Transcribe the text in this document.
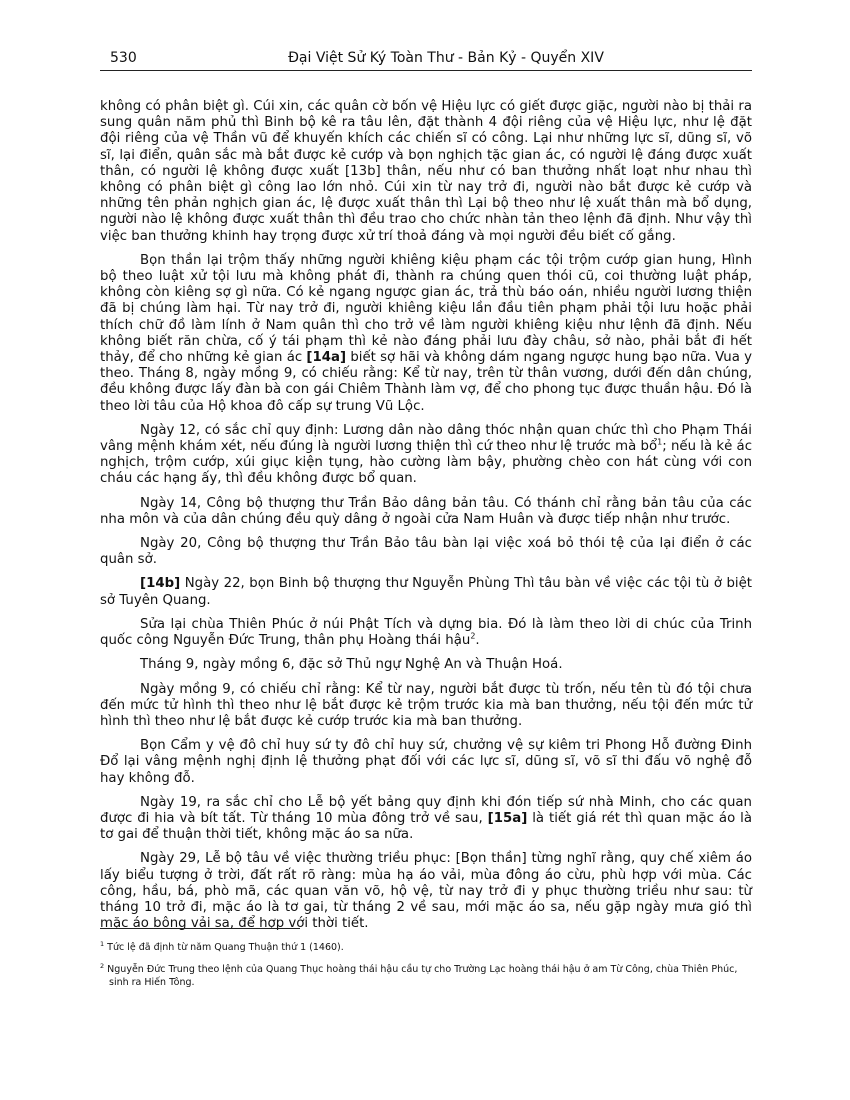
530	Đại Việt Sử Ký Toàn Thư - Bản Kỷ - Quyển XIV

không có phân biệt gì. Cúi xin, các quân cờ bốn vệ Hiệu lực có giết được giặc, người nào bị thải ra sung quân năm phủ thì Binh bộ kê ra tâu lên, đặt thành 4 đội riêng của vệ Hiệu lực, như lệ đặt đội riêng của vệ Thần vũ để khuyến khích các chiến sĩ có công. Lại như những lực sĩ, dũng sĩ, võ sĩ, lại điển, quân sắc mà bắt được kẻ cướp và bọn nghịch tặc gian ác, có người lệ đáng được xuất thân, có người lệ không được xuất [13b] thân, nếu như có ban thưởng nhất loạt như nhau thì không có phân biệt gì công lao lớn nhỏ. Cúi xin từ nay trở đi, người nào bắt được kẻ cướp và những tên phản nghịch gian ác, lệ được xuất thân thì Lại bộ theo như lệ xuất thân mà bổ dụng, người nào lệ không được xuất thân thì đều trao cho chức nhàn tản theo lệnh đã định. Như vậy thì việc ban thưởng khinh hay trọng được xử trí thoả đáng và mọi người đều biết cố gắng.

Bọn thần lại trộm thấy những người khiêng kiệu phạm các tội trộm cướp gian hung, Hình bộ theo luật xử tội lưu mà không phát đi, thành ra chúng quen thói cũ, coi thường luật pháp, không còn kiêng sợ gì nữa. Có kẻ ngang ngược gian ác, trả thù báo oán, nhiều người lương thiện đã bị chúng làm hại. Từ nay trở đi, người khiêng kiệu lần đầu tiên phạm phải tội lưu hoặc phải thích chữ đồ làm lính ở Nam quân thì cho trở về làm người khiêng kiệu như lệnh đã định. Nếu không biết răn chừa, cố ý tái phạm thì kẻ nào đáng phải lưu đày châu, sở nào, phải bắt đi hết thảy, để cho những kẻ gian ác [14a] biết sợ hãi và không dám ngang ngược hung bạo nữa. Vua y theo. Tháng 8, ngày mồng 9, có chiếu rằng: Kể từ nay, trên từ thân vương, dưới đến dân chúng, đều không được lấy đàn bà con gái Chiêm Thành làm vợ, để cho phong tục được thuần hậu. Đó là theo lời tâu của Hộ khoa đô cấp sự trung Vũ Lộc.

Ngày 12, có sắc chỉ quy định: Lương dân nào dâng thóc nhận quan chức thì cho Phạm Thái vâng mệnh khám xét, nếu đúng là người lương thiện thì cứ theo như lệ trước mà bổ$^1$; nếu là kẻ ác nghịch, trộm cướp, xúi giục kiện tụng, hào cường làm bậy, phường chèo con hát cùng với con cháu các hạng ấy, thì đều không được bổ quan.

Ngày 14, Công bộ thượng thư Trần Bảo dâng bản tâu. Có thánh chỉ rằng bản tâu của các nha môn và của dân chúng đều quỳ dâng ở ngoài cửa Nam Huân và được tiếp nhận như trước.

Ngày 20, Công bộ thượng thư Trần Bảo tâu bàn lại việc xoá bỏ thói tệ của lại điển ở các quân sở.

[14b] Ngày 22, bọn Binh bộ thượng thư Nguyễn Phùng Thì tâu bàn về việc các tội tù ở biệt sở Tuyên Quang.

Sửa lại chùa Thiên Phúc ở núi Phật Tích và dựng bia. Đó là làm theo lời di chúc của Trinh quốc công Nguyễn Đức Trung, thân phụ Hoàng thái hậu$^2$.

Tháng 9, ngày mồng 6, đặc sở Thủ ngự Nghệ An và Thuận Hoá.

Ngày mồng 9, có chiếu chỉ rằng: Kể từ nay, người bắt được tù trốn, nếu tên tù đó tội chưa đến mức tử hình thì theo như lệ bắt được kẻ trộm trước kia mà ban thưởng, nếu tội đến mức tử hình thì theo như lệ bắt được kẻ cướp trước kia mà ban thưởng.

Bọn Cẩm y vệ đô chỉ huy sứ ty đô chỉ huy sứ, chưởng vệ sự kiêm tri Phong Hỗ đường Đinh Đổ lại vâng mệnh nghị định lệ thưởng phạt đối với các lực sĩ, dũng sĩ, võ sĩ thi đấu võ nghệ đỗ hay không đỗ.

Ngày 19, ra sắc chỉ cho Lễ bộ yết bảng quy định khi đón tiếp sứ nhà Minh, cho các quan được đi hia và bít tất. Từ tháng 10 mùa đông trở về sau, [15a] là tiết giá rét thì quan mặc áo là tơ gai để thuận thời tiết, không mặc áo sa nữa.

Ngày 29, Lễ bộ tâu về việc thường triều phục: [Bọn thần] từng nghĩ rằng, quy chế xiêm áo lấy biểu tượng ở trời, đất rất rõ ràng: mùa hạ áo vải, mùa đông áo cừu, phù hợp với mùa. Các công, hầu, bá, phò mã, các quan văn võ, hộ vệ, từ nay trở đi y phục thường triều như sau: từ tháng 10 trở đi, mặc áo là tơ gai, từ tháng 2 về sau, mới mặc áo sa, nếu gặp ngày mưa gió thì mặc áo bông vải sa, để hợp với thời tiết.

$^1$ Tức lệ đã định từ năm Quang Thuận thứ 1 (1460).

$^2$ Nguyễn Đức Trung theo lệnh của Quang Thục hoàng thái hậu cầu tự cho Trường Lạc hoàng thái hậu ở am Từ Công, chùa Thiên Phúc, sinh ra Hiến Tông.
